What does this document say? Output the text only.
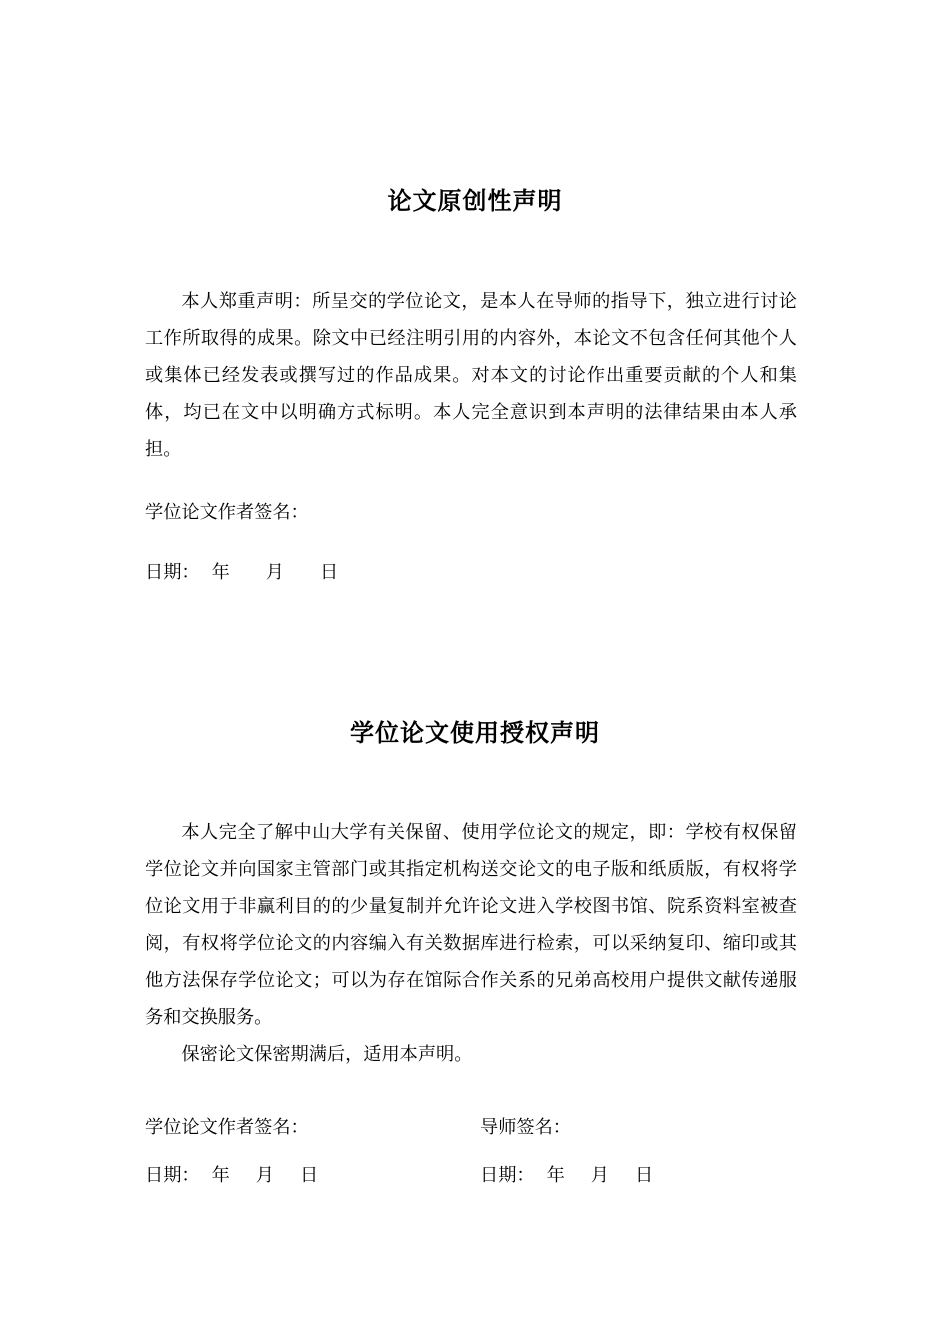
论文原创性声明

本人郑重声明：所呈交的学位论文，是本人在导师的指导下，独立进行讨论工作所取得的成果。除文中已经注明引用的内容外，本论文不包含任何其他个人或集体已经发表或撰写过的作品成果。对本文的讨论作出重要贡献的个人和集体，均已在文中以明确方式标明。本人完全意识到本声明的法律结果由本人承担。

学位论文作者签名：

日期： 年 月 日

学位论文使用授权声明

本人完全了解中山大学有关保留、使用学位论文的规定，即：学校有权保留学位论文并向国家主管部门或其指定机构送交论文的电子版和纸质版，有权将学位论文用于非赢利目的的少量复制并允许论文进入学校图书馆、院系资料室被查阅，有权将学位论文的内容编入有关数据库进行检索，可以采纳复印、缩印或其他方法保存学位论文；可以为存在馆际合作关系的兄弟高校用户提供文献传递服务和交换服务。

保密论文保密期满后，适用本声明。

学位论文作者签名：	导师签名：

日期： 年 月 日	日期： 年 月 日
